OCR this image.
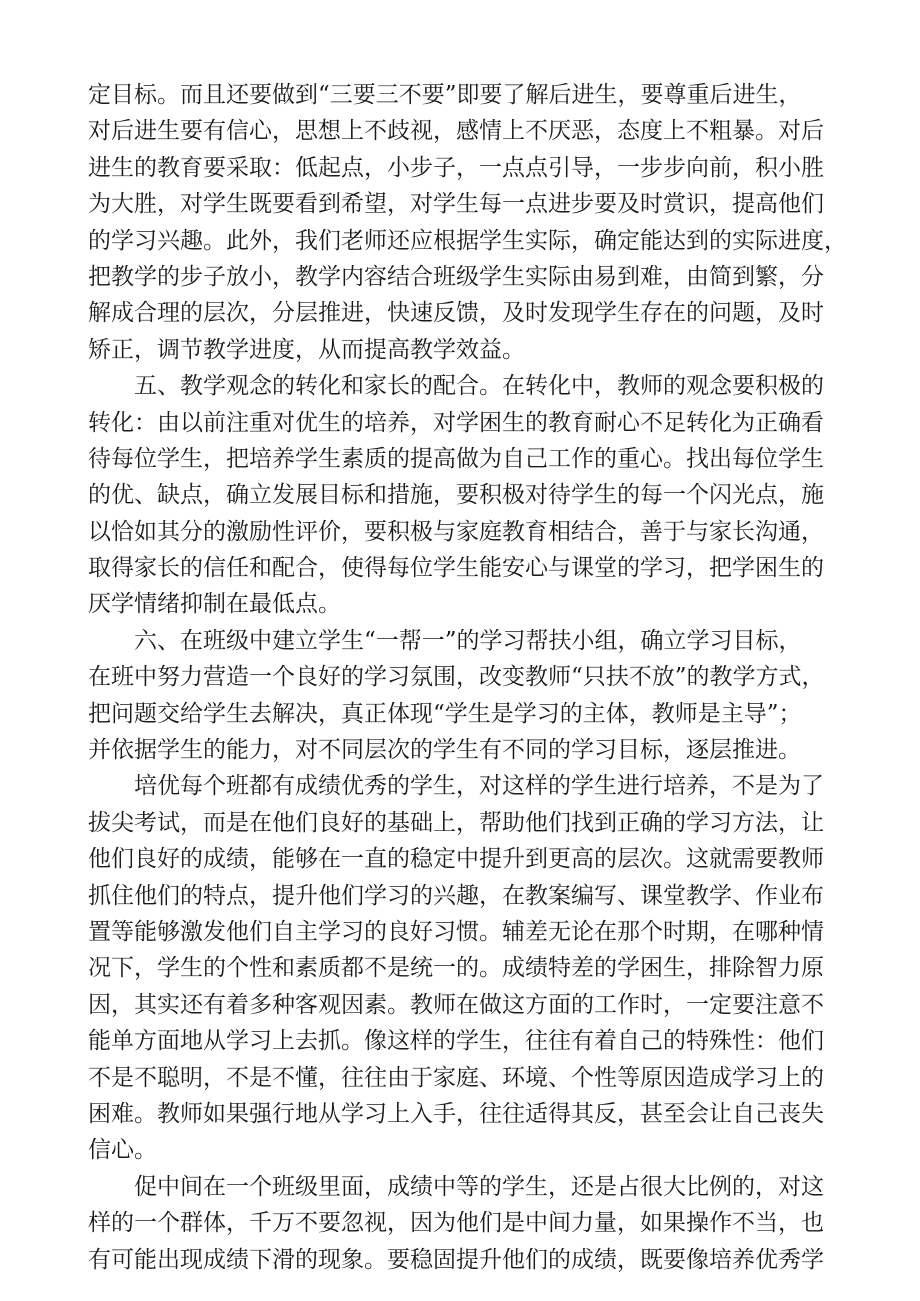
定目标。而且还要做到“三要三不要”即要了解后进生，要尊重后进生，
对后进生要有信心，思想上不歧视，感情上不厌恶，态度上不粗暴。对后
进生的教育要采取：低起点，小步子，一点点引导，一步步向前，积小胜
为大胜，对学生既要看到希望，对学生每一点进步要及时赏识，提高他们
的学习兴趣。此外，我们老师还应根据学生实际，确定能达到的实际进度，
把教学的步子放小，教学内容结合班级学生实际由易到难，由简到繁，分
解成合理的层次，分层推进，快速反馈，及时发现学生存在的问题，及时
矫正，调节教学进度，从而提高教学效益。
五、教学观念的转化和家长的配合。在转化中，教师的观念要积极的
转化：由以前注重对优生的培养，对学困生的教育耐心不足转化为正确看
待每位学生，把培养学生素质的提高做为自己工作的重心。找出每位学生
的优、缺点，确立发展目标和措施，要积极对待学生的每一个闪光点，施
以恰如其分的激励性评价，要积极与家庭教育相结合，善于与家长沟通，
取得家长的信任和配合，使得每位学生能安心与课堂的学习，把学困生的
厌学情绪抑制在最低点。
六、在班级中建立学生“一帮一”的学习帮扶小组，确立学习目标，
在班中努力营造一个良好的学习氛围，改变教师“只扶不放”的教学方式，
把问题交给学生去解决，真正体现“学生是学习的主体，教师是主导”；
并依据学生的能力，对不同层次的学生有不同的学习目标，逐层推进。
培优每个班都有成绩优秀的学生，对这样的学生进行培养，不是为了
拔尖考试，而是在他们良好的基础上，帮助他们找到正确的学习方法，让
他们良好的成绩，能够在一直的稳定中提升到更高的层次。这就需要教师
抓住他们的特点，提升他们学习的兴趣，在教案编写、课堂教学、作业布
置等能够激发他们自主学习的良好习惯。辅差无论在那个时期，在哪种情
况下，学生的个性和素质都不是统一的。成绩特差的学困生，排除智力原
因，其实还有着多种客观因素。教师在做这方面的工作时，一定要注意不
能单方面地从学习上去抓。像这样的学生，往往有着自己的特殊性：他们
不是不聪明，不是不懂，往往由于家庭、环境、个性等原因造成学习上的
困难。教师如果强行地从学习上入手，往往适得其反，甚至会让自己丧失
信心。
促中间在一个班级里面，成绩中等的学生，还是占很大比例的，对这
样的一个群体，千万不要忽视，因为他们是中间力量，如果操作不当，也
有可能出现成绩下滑的现象。要稳固提升他们的成绩，既要像培养优秀学
